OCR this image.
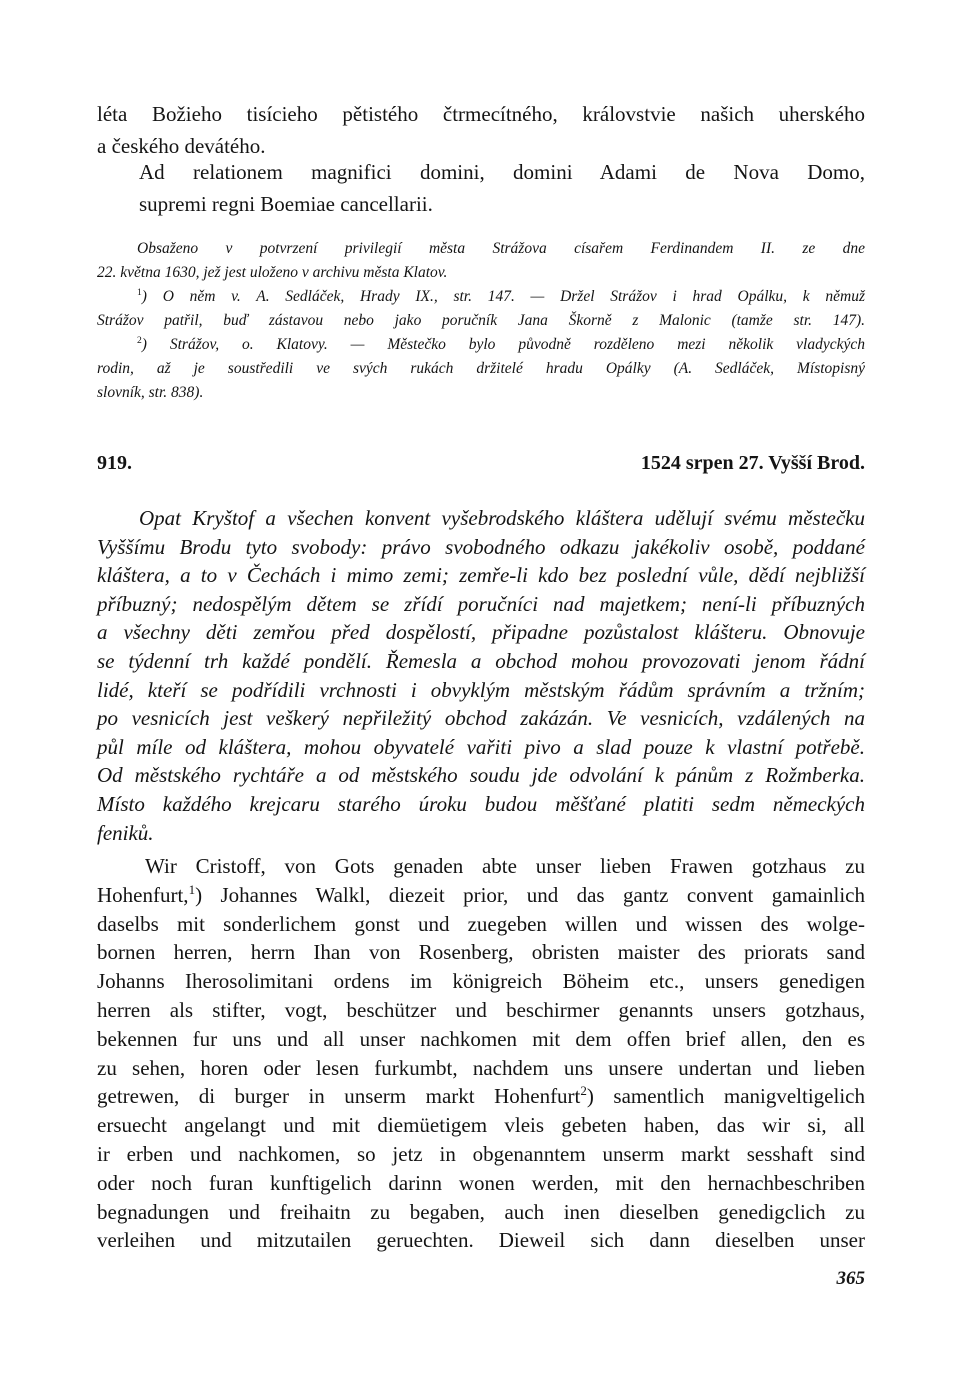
léta Božieho tisícieho pětistého čtrmecítného, královstvie našich uherského
a českého devátého.
Ad relationem magnifici domini, domini Adami de Nova Domo,
supremi regni Boemiae cancellarii.
Obsaženo v potvrzení privilegií města Strážova císařem Ferdinandem II. ze dne
22. května 1630, jež jest uloženo v archivu města Klatov.
$^1$) O něm v. A. Sedláček, Hrady IX., str. 147. — Držel Strážov i hrad Opálku, k němuž
Strážov patřil, buď zástavou nebo jako poručník Jana Škorně z Malonic (tamže str. 147).
$^2$) Strážov, o. Klatovy. — Městečko bylo původně rozděleno mezi několik vladyckých
rodin, až je soustředili ve svých rukách držitelé hradu Opálky (A. Sedláček, Místopisný
slovník, str. 838).
919.	1524 srpen 27. Vyšší Brod.
Opat Kryštof a všechen konvent vyšebrodského kláštera udělují svému městečku
Vyššímu Brodu tyto svobody: právo svobodného odkazu jakékoliv osobě, poddané
kláštera, a to v Čechách i mimo zemi; zemře-li kdo bez poslední vůle, dědí nejbližší
příbuzný; nedospělým dětem se zřídí poručníci nad majetkem; není-li příbuzných
a všechny děti zemřou před dospělostí, připadne pozůstalost klášteru. Obnovuje
se týdenní trh každé pondělí. Řemesla a obchod mohou provozovati jenom řádní
lidé, kteří se podřídili vrchnosti i obvyklým městským řádům správním a tržním;
po vesnicích jest veškerý nepřiležitý obchod zakázán. Ve vesnicích, vzdálených na
půl míle od kláštera, mohou obyvatelé vařiti pivo a slad pouze k vlastní potřebě.
Od městského rychtáře a od městského soudu jde odvolání k pánům z Rožmberka.
Místo každého krejcaru starého úroku budou měšťané platiti sedm německých
feniků.
Wir Cristoff, von Gots genaden abte unser lieben Frawen gotzhaus zu
Hohenfurt,$^1$) Johannes Walkl, diezeit prior, und das gantz convent gamainlich
daselbs mit sonderlichem gonst und zuegeben willen und wissen des wolge-
bornen herren, herrn Ihan von Rosenberg, obristen maister des priorats sand
Johanns Iherosolimitani ordens im königreich Böheim etc., unsers genedigen
herren als stifter, vogt, beschützer und beschirmer genannts unsers gotzhaus,
bekennen fur uns und all unser nachkomen mit dem offen brief allen, den es
zu sehen, horen oder lesen furkumbt, nachdem uns unsere undertan und lieben
getrewen, di burger in unserm markt Hohenfurt$^2$) samentlich manigveltigelich
ersuecht angelangt und mit diemüetigem vleis gebeten haben, das wir si, all
ir erben und nachkomen, so jetz in obgenanntem unserm markt sesshaft sind
oder noch furan kunftigelich darinn wonen werden, mit den hernachbeschriben
begnadungen und freihaitn zu begaben, auch inen dieselben genedigclich zu
verleihen und mitzutailen geruechten. Dieweil sich dann dieselben unser
365
